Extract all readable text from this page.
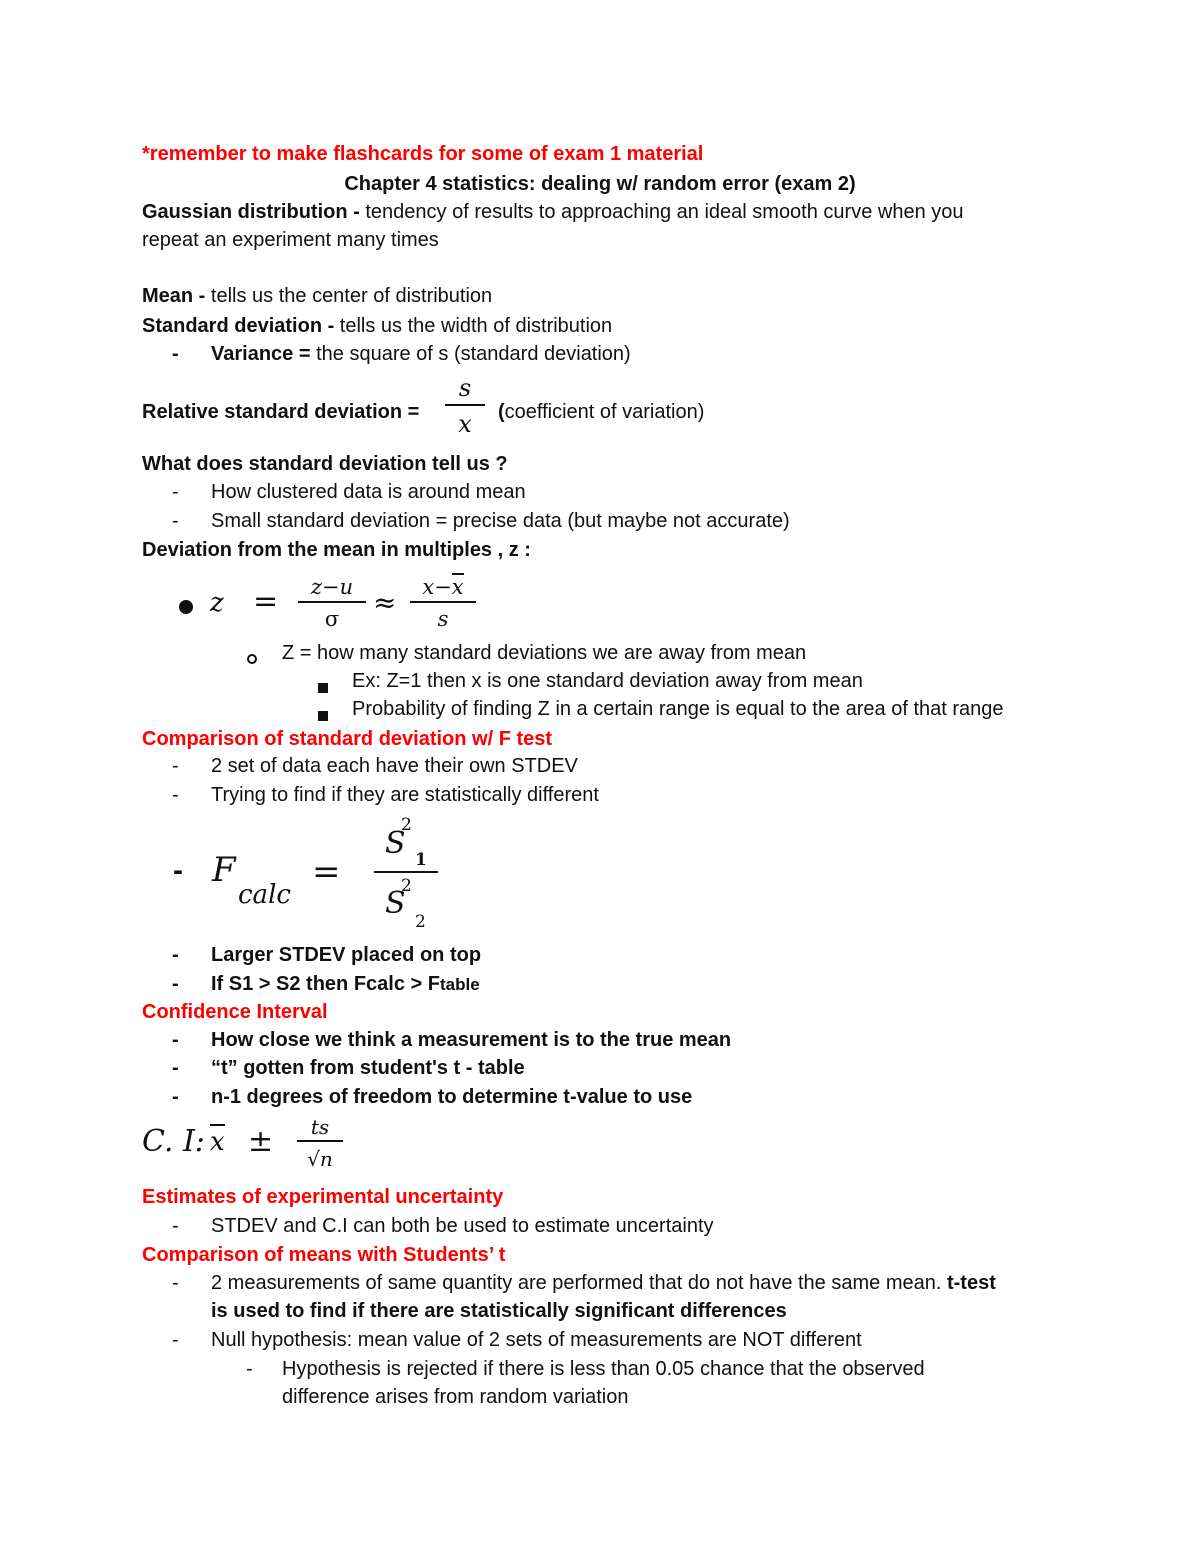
*remember to make flashcards for some of exam 1 material
Chapter 4 statistics: dealing w/ random error (exam 2)
Gaussian distribution - tendency of results to approaching an ideal smooth curve when you
repeat an experiment many times
Mean - tells us the center of distribution
Standard deviation - tells us the width of distribution
- Variance = the square of s (standard deviation)
Relative standard deviation =
s
x	(coefficient of variation)
What does standard deviation tell us ?
- How clustered data is around mean
- Small standard deviation = precise data (but maybe not accurate)
Deviation from the mean in multiples , z :
z =	z−u
σ	≈	x−x
s
Z = how many standard deviations we are away from mean
Ex: Z=1 then x is one standard deviation away from mean
Probability of finding Z in a certain range is equal to the area of that range
Comparison of standard deviation w/ F test
- 2 set of data each have their own STDEV
- Trying to find if they are statistically different
- F
calc
=
S
2
1
S
2
2
- Larger STDEV placed on top
- If S1 > S2 then Fcalc > Ftable
Confidence Interval
- How close we think a measurement is to the true mean
- “t” gotten from student's t - table
- n-1 degrees of freedom to determine t-value to use
C. I: x ±	ts
√n
Estimates of experimental uncertainty
- STDEV and C.I can both be used to estimate uncertainty
Comparison of means with Students’ t
- 2 measurements of same quantity are performed that do not have the same mean. t-test
is used to find if there are statistically significant differences
- Null hypothesis: mean value of 2 sets of measurements are NOT different
- Hypothesis is rejected if there is less than 0.05 chance that the observed
difference arises from random variation
